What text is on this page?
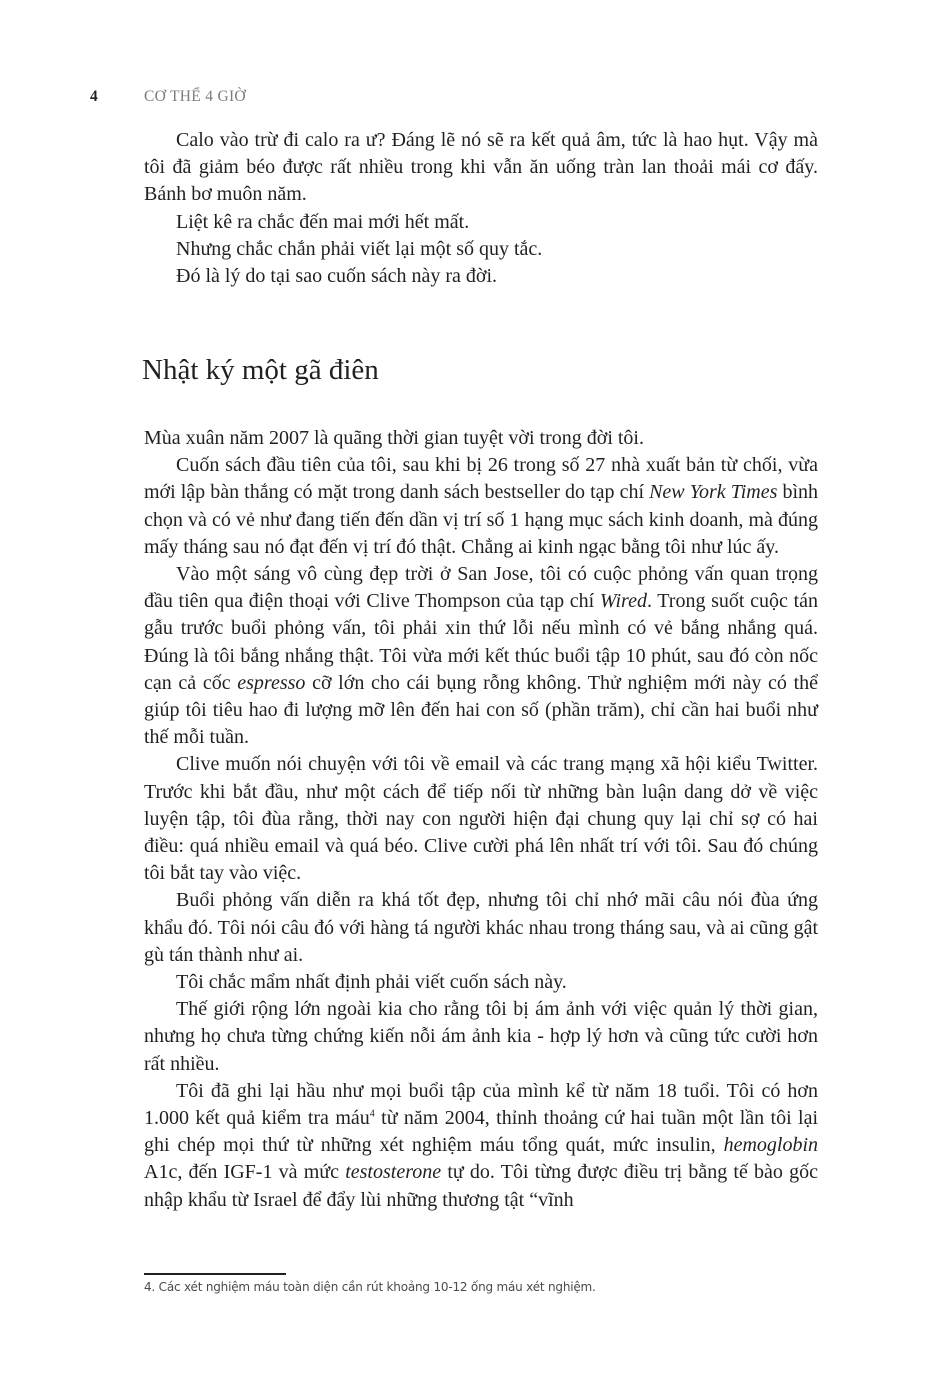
4	CƠ THỂ 4 GIỜ

Calo vào trừ đi calo ra ư? Đáng lẽ nó sẽ ra kết quả âm, tức là hao hụt. Vậy mà tôi đã giảm béo được rất nhiều trong khi vẫn ăn uống tràn lan thoải mái cơ đấy. Bánh bơ muôn năm.

Liệt kê ra chắc đến mai mới hết mất.

Nhưng chắc chắn phải viết lại một số quy tắc.

Đó là lý do tại sao cuốn sách này ra đời.

Nhật ký một gã điên

Mùa xuân năm 2007 là quãng thời gian tuyệt vời trong đời tôi.

Cuốn sách đầu tiên của tôi, sau khi bị 26 trong số 27 nhà xuất bản từ chối, vừa mới lập bàn thắng có mặt trong danh sách bestseller do tạp chí New York Times bình chọn và có vẻ như đang tiến đến dần vị trí số 1 hạng mục sách kinh doanh, mà đúng mấy tháng sau nó đạt đến vị trí đó thật. Chẳng ai kinh ngạc bằng tôi như lúc ấy.

Vào một sáng vô cùng đẹp trời ở San Jose, tôi có cuộc phỏng vấn quan trọng đầu tiên qua điện thoại với Clive Thompson của tạp chí Wired. Trong suốt cuộc tán gẫu trước buổi phỏng vấn, tôi phải xin thứ lỗi nếu mình có vẻ bắng nhắng quá. Đúng là tôi bắng nhắng thật. Tôi vừa mới kết thúc buổi tập 10 phút, sau đó còn nốc cạn cả cốc espresso cỡ lớn cho cái bụng rỗng không. Thử nghiệm mới này có thể giúp tôi tiêu hao đi lượng mỡ lên đến hai con số (phần trăm), chỉ cần hai buổi như thế mỗi tuần.

Clive muốn nói chuyện với tôi về email và các trang mạng xã hội kiểu Twitter. Trước khi bắt đầu, như một cách để tiếp nối từ những bàn luận dang dở về việc luyện tập, tôi đùa rằng, thời nay con người hiện đại chung quy lại chỉ sợ có hai điều: quá nhiều email và quá béo. Clive cười phá lên nhất trí với tôi. Sau đó chúng tôi bắt tay vào việc.

Buổi phỏng vấn diễn ra khá tốt đẹp, nhưng tôi chỉ nhớ mãi câu nói đùa ứng khẩu đó. Tôi nói câu đó với hàng tá người khác nhau trong tháng sau, và ai cũng gật gù tán thành như ai.

Tôi chắc mẩm nhất định phải viết cuốn sách này.

Thế giới rộng lớn ngoài kia cho rằng tôi bị ám ảnh với việc quản lý thời gian, nhưng họ chưa từng chứng kiến nỗi ám ảnh kia - hợp lý hơn và cũng tức cười hơn rất nhiều.

Tôi đã ghi lại hầu như mọi buổi tập của mình kể từ năm 18 tuổi. Tôi có hơn 1.000 kết quả kiểm tra máu$^4$ từ năm 2004, thỉnh thoảng cứ hai tuần một lần tôi lại ghi chép mọi thứ từ những xét nghiệm máu tổng quát, mức insulin, hemoglobin A1c, đến IGF-1 và mức testosterone tự do. Tôi từng được điều trị bằng tế bào gốc nhập khẩu từ Israel để đẩy lùi những thương tật “vĩnh

4. Các xét nghiệm máu toàn diện cần rút khoảng 10-12 ống máu xét nghiệm.
